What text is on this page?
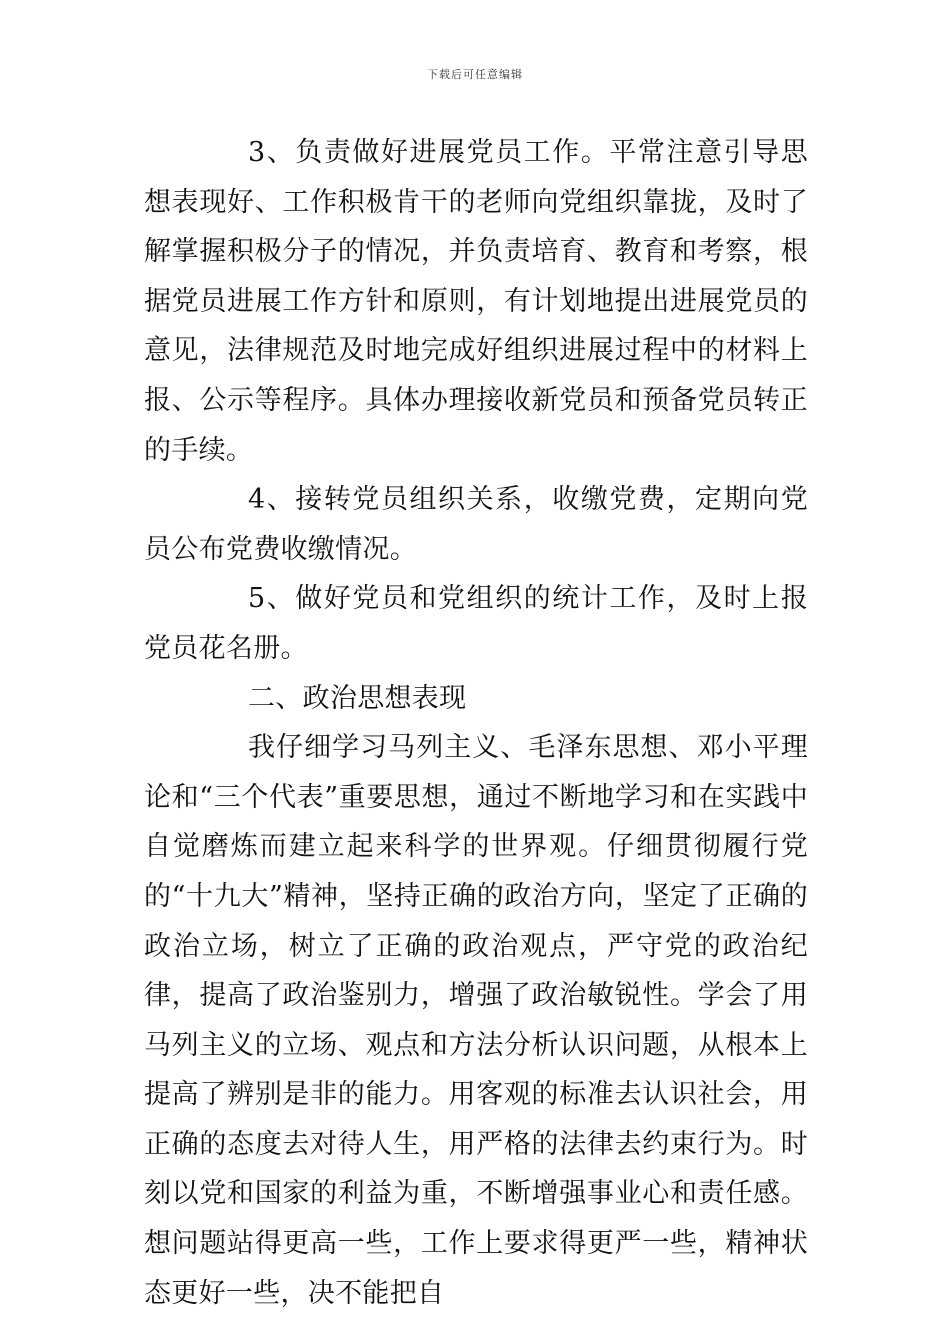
下载后可任意编辑

3、负责做好进展党员工作。平常注意引导思想表现好、工作积极肯干的老师向党组织靠拢，及时了解掌握积极分子的情况，并负责培育、教育和考察，根据党员进展工作方针和原则，有计划地提出进展党员的意见，法律规范及时地完成好组织进展过程中的材料上报、公示等程序。具体办理接收新党员和预备党员转正的手续。

4、接转党员组织关系，收缴党费，定期向党员公布党费收缴情况。

5、做好党员和党组织的统计工作，及时上报党员花名册。

二、政治思想表现

我仔细学习马列主义、毛泽东思想、邓小平理论和“三个代表”重要思想，通过不断地学习和在实践中自觉磨炼而建立起来科学的世界观。仔细贯彻履行党的“十九大”精神，坚持正确的政治方向，坚定了正确的政治立场，树立了正确的政治观点，严守党的政治纪律，提高了政治鉴别力，增强了政治敏锐性。学会了用马列主义的立场、观点和方法分析认识问题，从根本上提高了辨别是非的能力。用客观的标准去认识社会，用正确的态度去对待人生，用严格的法律去约束行为。时刻以党和国家的利益为重，不断增强事业心和责任感。想问题站得更高一些，工作上要求得更严一些，精神状态更好一些，决不能把自
